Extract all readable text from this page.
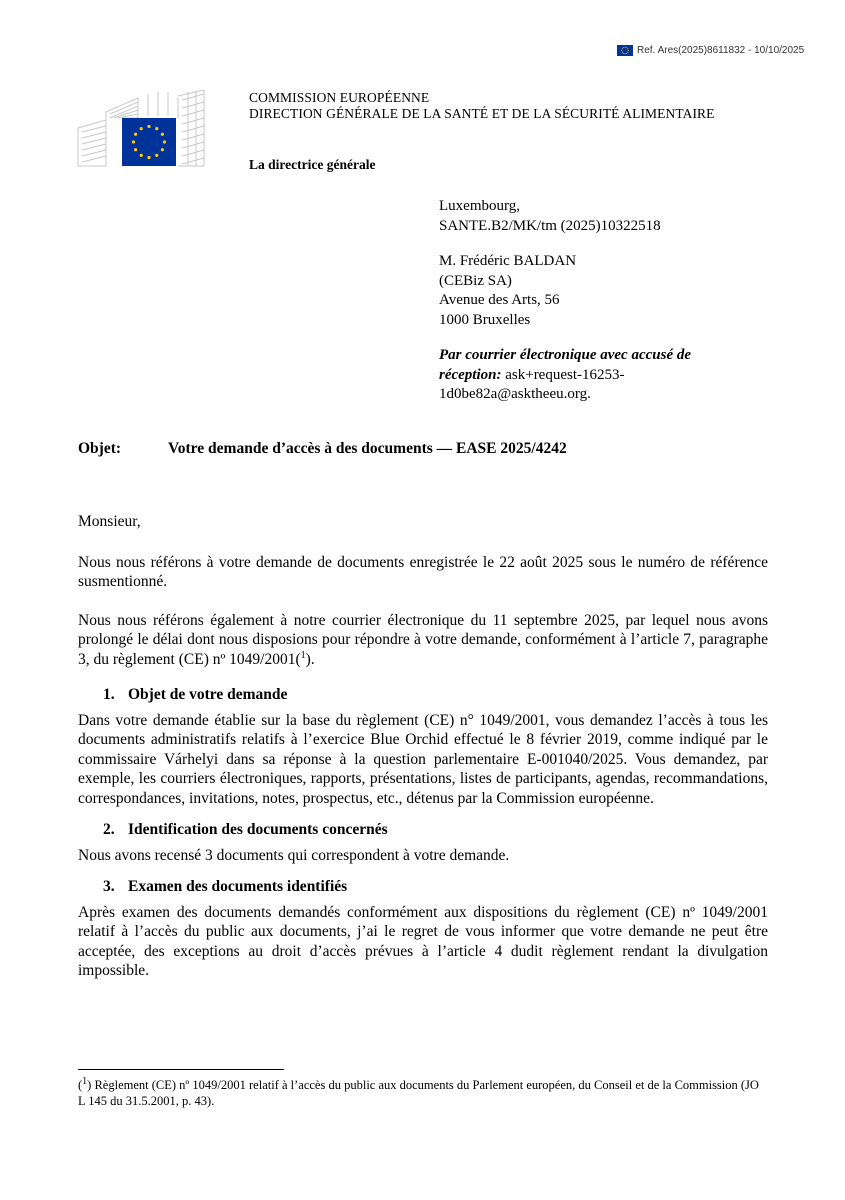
Ref. Ares(2025)8611832 - 10/10/2025
COMMISSION EUROPÉENNE
DIRECTION GÉNÉRALE DE LA SANTÉ ET DE LA SÉCURITÉ ALIMENTAIRE
La directrice générale
Luxembourg,
SANTE.B2/MK/tm (2025)10322518
M. Frédéric BALDAN
(CEBiz SA)
Avenue des Arts, 56
1000 Bruxelles
Par courrier électronique avec accusé de
réception: ask+request-16253-
1d0be82a@asktheeu.org.
Objet:	Votre demande d’accès à des documents — EASE 2025/4242

Monsieur,

Nous nous référons à votre demande de documents enregistrée le 22 août 2025 sous le numéro de référence susmentionné.

Nous nous référons également à notre courrier électronique du 11 septembre 2025, par lequel nous avons prolongé le délai dont nous disposions pour répondre à votre demande, conformément à l’article 7, paragraphe 3, du règlement (CE) nº 1049/2001($^1$).

1. Objet de votre demande

Dans votre demande établie sur la base du règlement (CE) n° 1049/2001, vous demandez l’accès à tous les documents administratifs relatifs à l’exercice Blue Orchid effectué le 8 février 2019, comme indiqué par le commissaire Várhelyi dans sa réponse à la question parlementaire E-001040/2025. Vous demandez, par exemple, les courriers électroniques, rapports, présentations, listes de participants, agendas, recommandations, correspondances, invitations, notes, prospectus, etc., détenus par la Commission européenne.

2. Identification des documents concernés

Nous avons recensé 3 documents qui correspondent à votre demande.

3. Examen des documents identifiés

Après examen des documents demandés conformément aux dispositions du règlement (CE) nº 1049/2001 relatif à l’accès du public aux documents, j’ai le regret de vous informer que votre demande ne peut être acceptée, des exceptions au droit d’accès prévues à l’article 4 dudit règlement rendant la divulgation impossible.

($^1$) Règlement (CE) nº 1049/2001 relatif à l’accès du public aux documents du Parlement européen, du Conseil et de la Commission (JO L 145 du 31.5.2001, p. 43).
